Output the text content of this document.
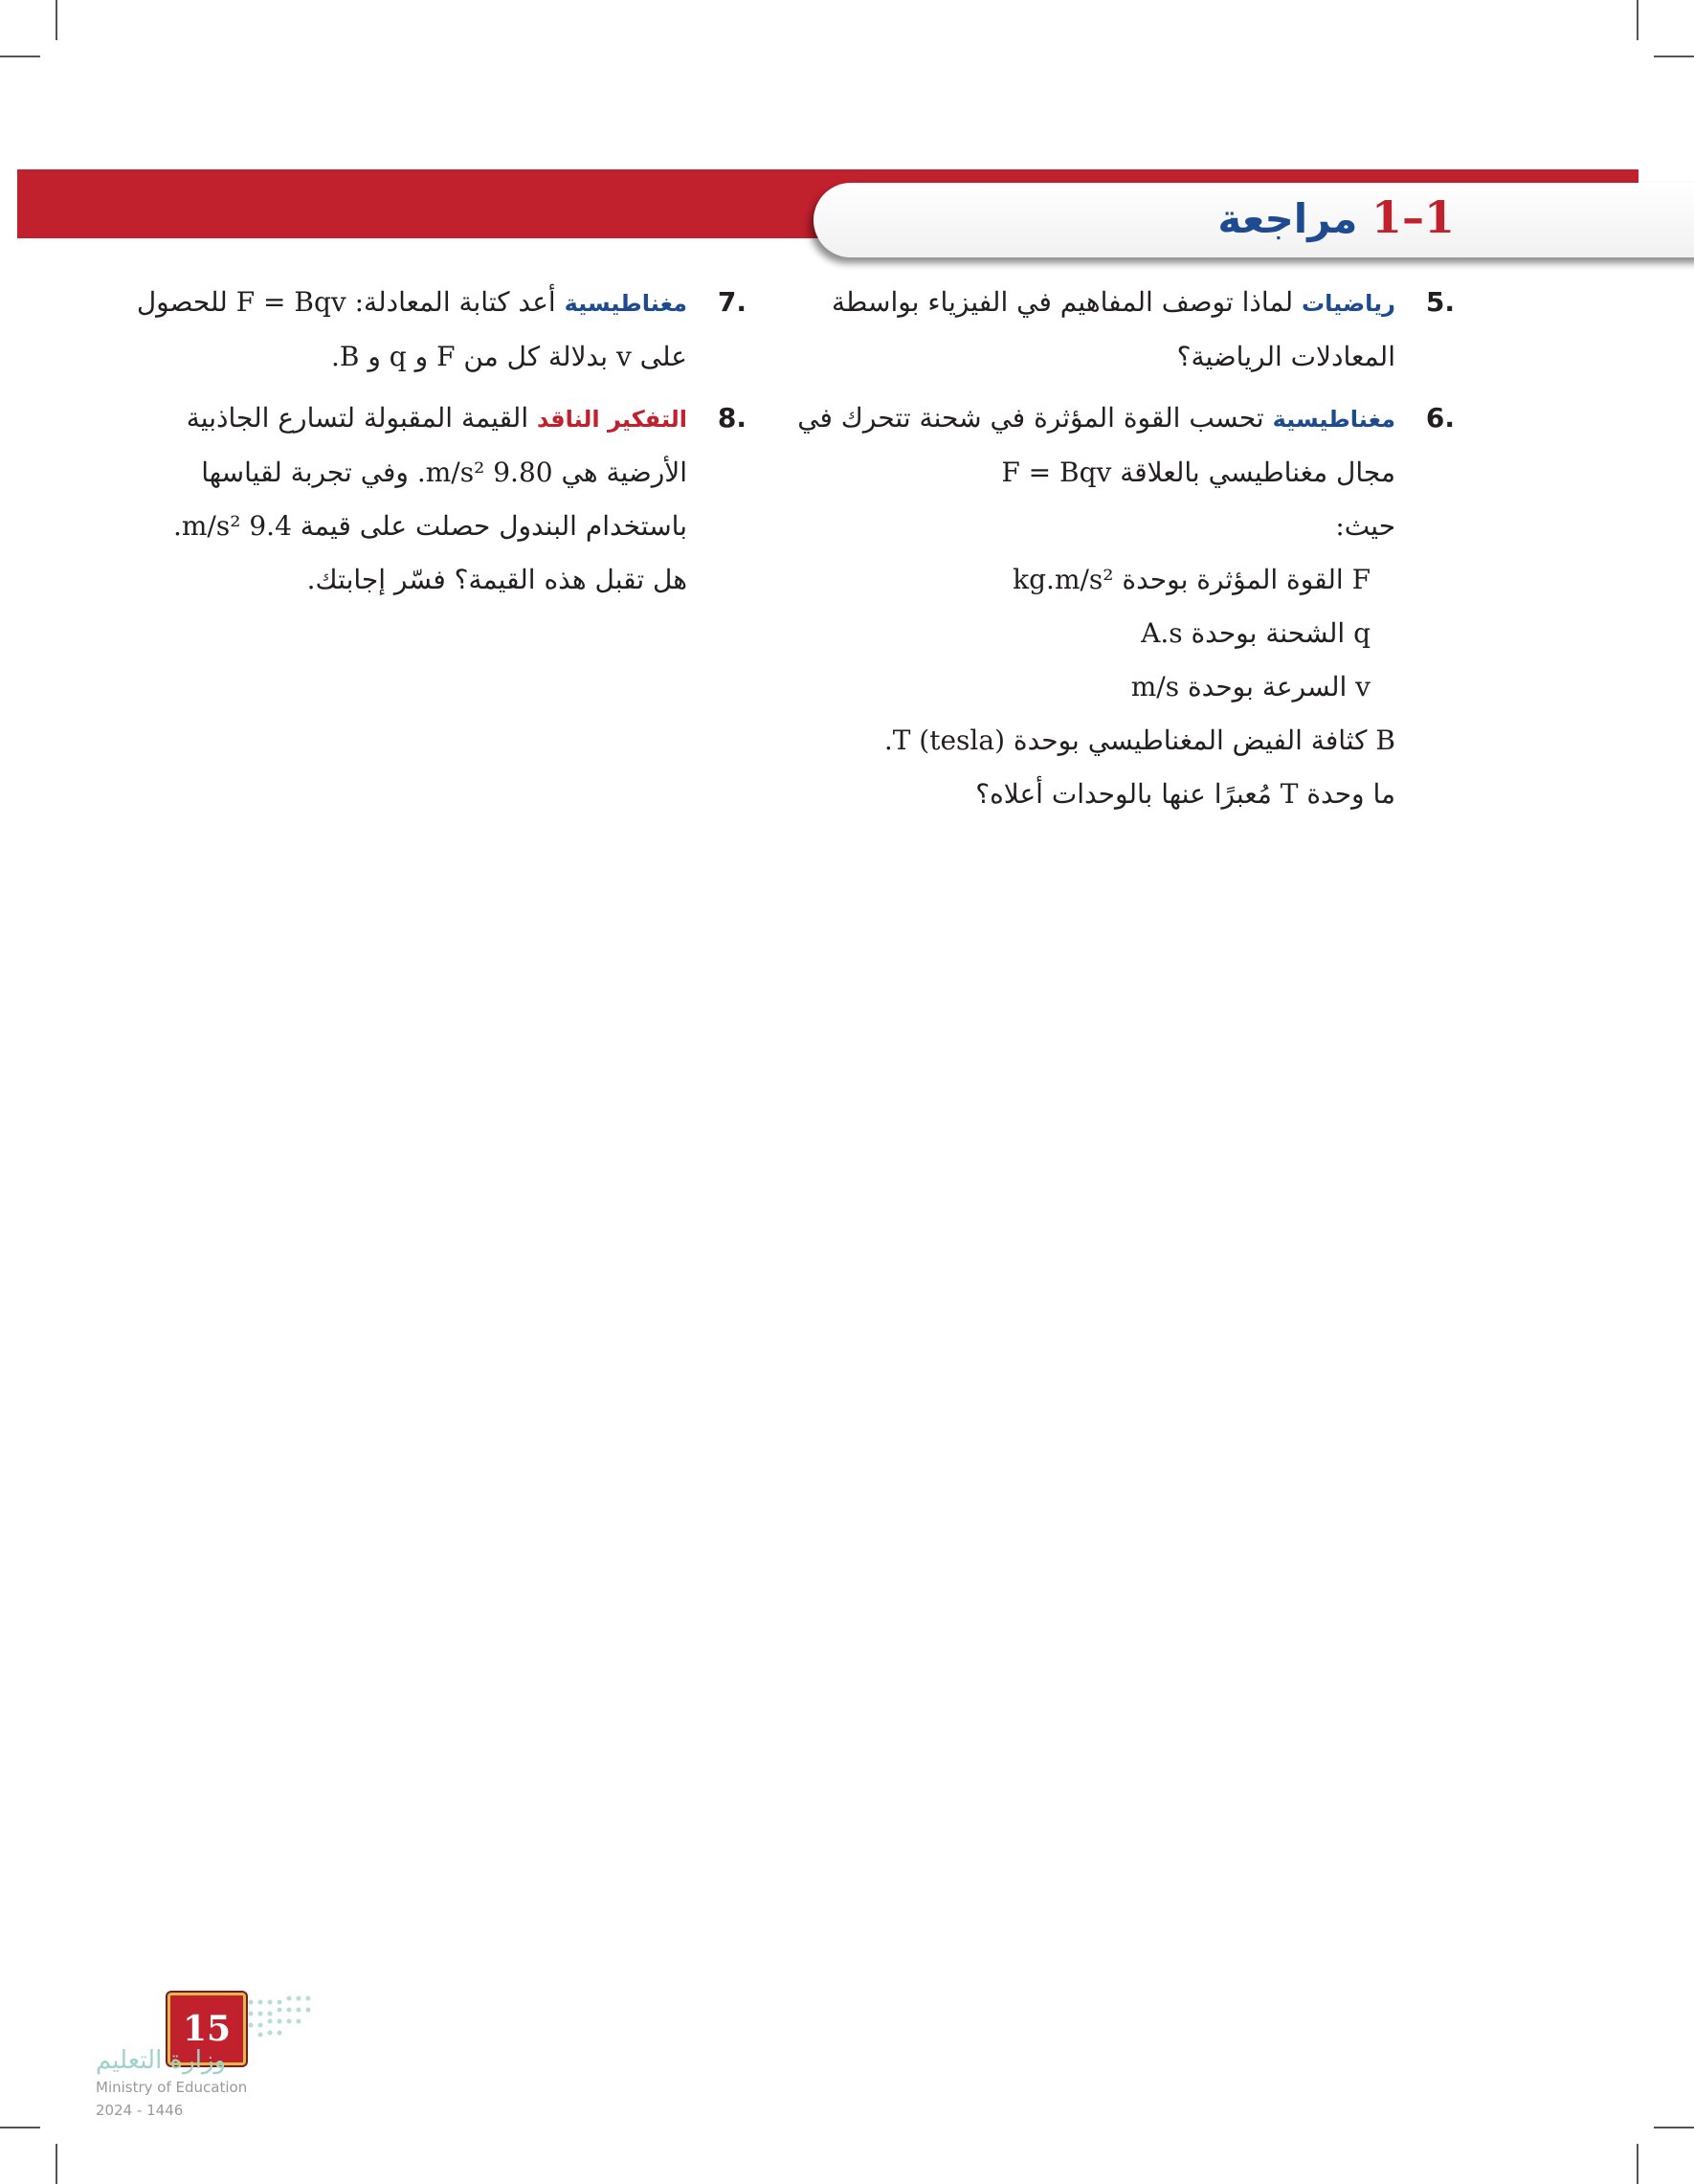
1–1 مراجعة
.5
رياضيات لماذا توصف المفاهيم في الفيزياء بواسطة
المعادلات الرياضية؟
.6
مغناطيسية تحسب القوة المؤثرة في شحنة تتحرك في
مجال مغناطيسي بالعلاقة F = Bqv
حيث:
F القوة المؤثرة بوحدة kg.m/s²
q الشحنة بوحدة A.s
v السرعة بوحدة m/s
B كثافة الفيض المغناطيسي بوحدة (tesla) T.
ما وحدة T مُعبرًا عنها بالوحدات أعلاه؟
.7
مغناطيسية أعد كتابة المعادلة: F = Bqv للحصول
على v بدلالة كل من F و q و B.
.8
التفكير الناقد القيمة المقبولة لتسارع الجاذبية
الأرضية هي 9.80 m/s². وفي تجربة لقياسها
باستخدام البندول حصلت على قيمة 9.4 m/s².
هل تقبل هذه القيمة؟ فسّر إجابتك.
15
وزارة التعليم
Ministry of Education
2024 - 1446
